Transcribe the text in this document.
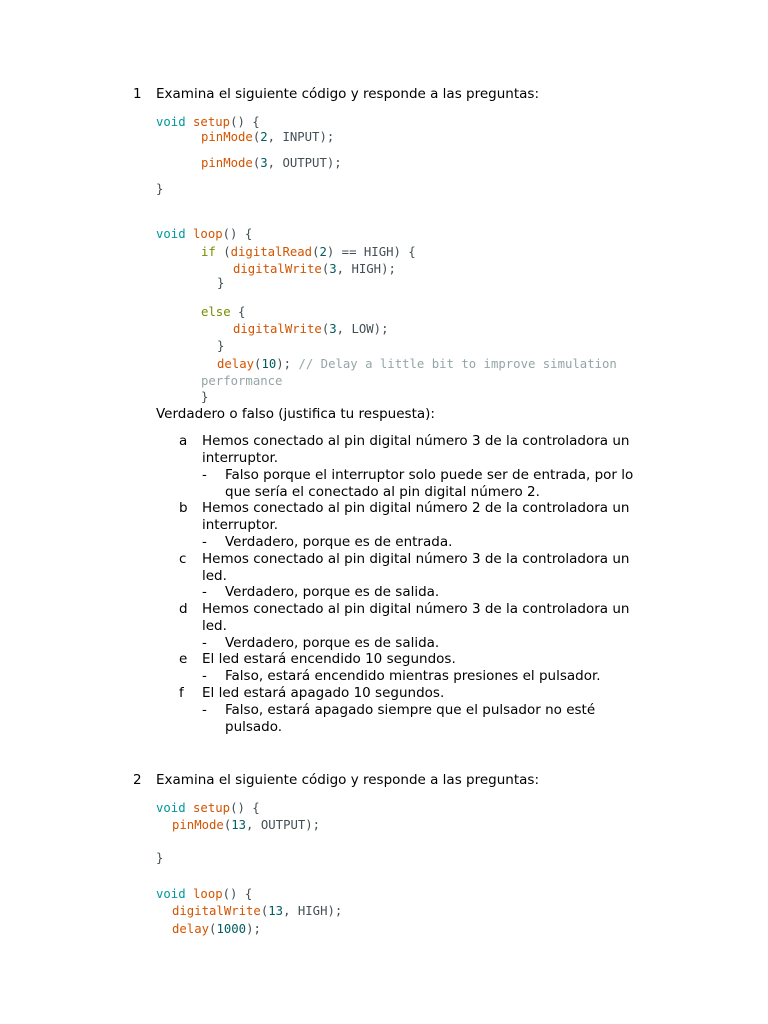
1 Examina el siguiente código y responde a las preguntas:
void setup() {
pinMode(2, INPUT);
pinMode(3, OUTPUT);
}
void loop() {
if (digitalRead(2) == HIGH) {
digitalWrite(3, HIGH);
}
else {
digitalWrite(3, LOW);
}
delay(10); // Delay a little bit to improve simulation
performance
}
Verdadero o falso (justifica tu respuesta):
a Hemos conectado al pin digital número 3 de la controladora un
interruptor.
- Falso porque el interruptor solo puede ser de entrada, por lo
que sería el conectado al pin digital número 2.
b Hemos conectado al pin digital número 2 de la controladora un
interruptor.
- Verdadero, porque es de entrada.
c Hemos conectado al pin digital número 3 de la controladora un
led.
- Verdadero, porque es de salida.
d Hemos conectado al pin digital número 3 de la controladora un
led.
- Verdadero, porque es de salida.
e El led estará encendido 10 segundos.
- Falso, estará encendido mientras presiones el pulsador.
f El led estará apagado 10 segundos.
- Falso, estará apagado siempre que el pulsador no esté
pulsado.
2 Examina el siguiente código y responde a las preguntas:
void setup() {
pinMode(13, OUTPUT);
}
void loop() {
digitalWrite(13, HIGH);
delay(1000);
